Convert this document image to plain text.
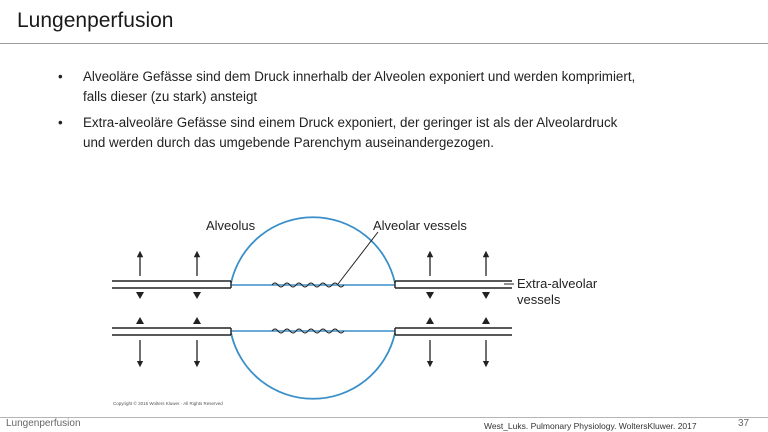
Lungenperfusion
• Alveoläre Gefässe sind dem Druck innerhalb der Alveolen exponiert und werden komprimiert,
falls dieser (zu stark) ansteigt
• Extra-alveoläre Gefässe sind einem Druck exponiert, der geringer ist als der Alveolardruck
und werden durch das umgebende Parenchym auseinandergezogen.
Alveolus	Alveolar vessels
Extra-alveolar
vessels
Copyright © 2016 Wolters Kluwer · All Rights Reserved
Lungenperfusion	West_Luks. Pulmonary Physiology. WoltersKluwer. 2017	37
